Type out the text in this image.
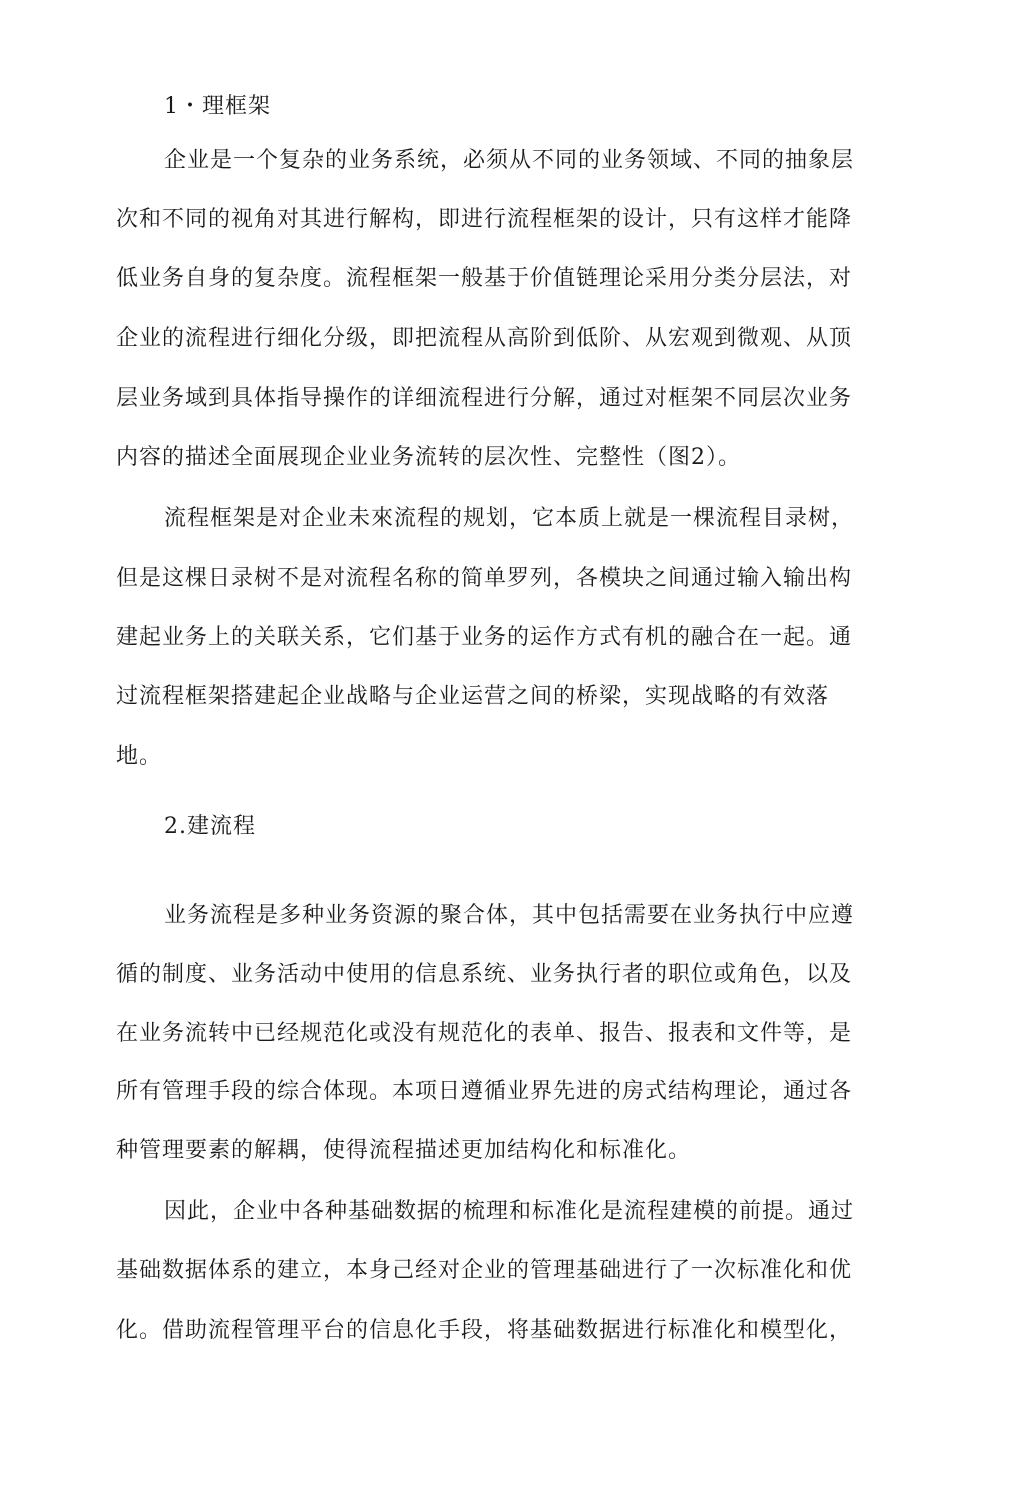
1・理框架
企业是一个复杂的业务系统，必须从不同的业务领域、不同的抽象层
次和不同的视角对其进行解构，即进行流程框架的设计，只有这样才能降
低业务自身的复杂度。流程框架一般基于价值链理论采用分类分层法，对
企业的流程进行细化分级，即把流程从高阶到低阶、从宏观到微观、从顶
层业务域到具体指导操作的详细流程进行分解，通过对框架不同层次业务
内容的描述全面展现企业业务流转的层次性、完整性（图2）。
流程框架是对企业未來流程的规划，它本质上就是一棵流程目录树，
但是这棵日录树不是对流程名称的简单罗列，各模块之间通过输入输出构
建起业务上的关联关系，它们基于业务的运作方式有机的融合在一起。通
过流程框架搭建起企业战略与企业运营之间的桥梁，实现战略的有效落
地。
2.建流程
业务流程是多种业务资源的聚合体，其中包括需要在业务执行中应遵
循的制度、业务活动中使用的信息系统、业务执行者的职位或角色，以及
在业务流转中已经规范化或没有规范化的表单、报告、报表和文件等，是
所有管理手段的综合体现。本项日遵循业界先进的房式结构理论，通过各
种管理要素的解耦，使得流程描述更加结构化和标准化。
因此，企业中各种基础数据的梳理和标准化是流程建模的前提。通过
基础数据体系的建立，本身己经对企业的管理基础进行了一次标准化和优
化。借助流程管理平台的信息化手段，将基础数据进行标准化和模型化，
